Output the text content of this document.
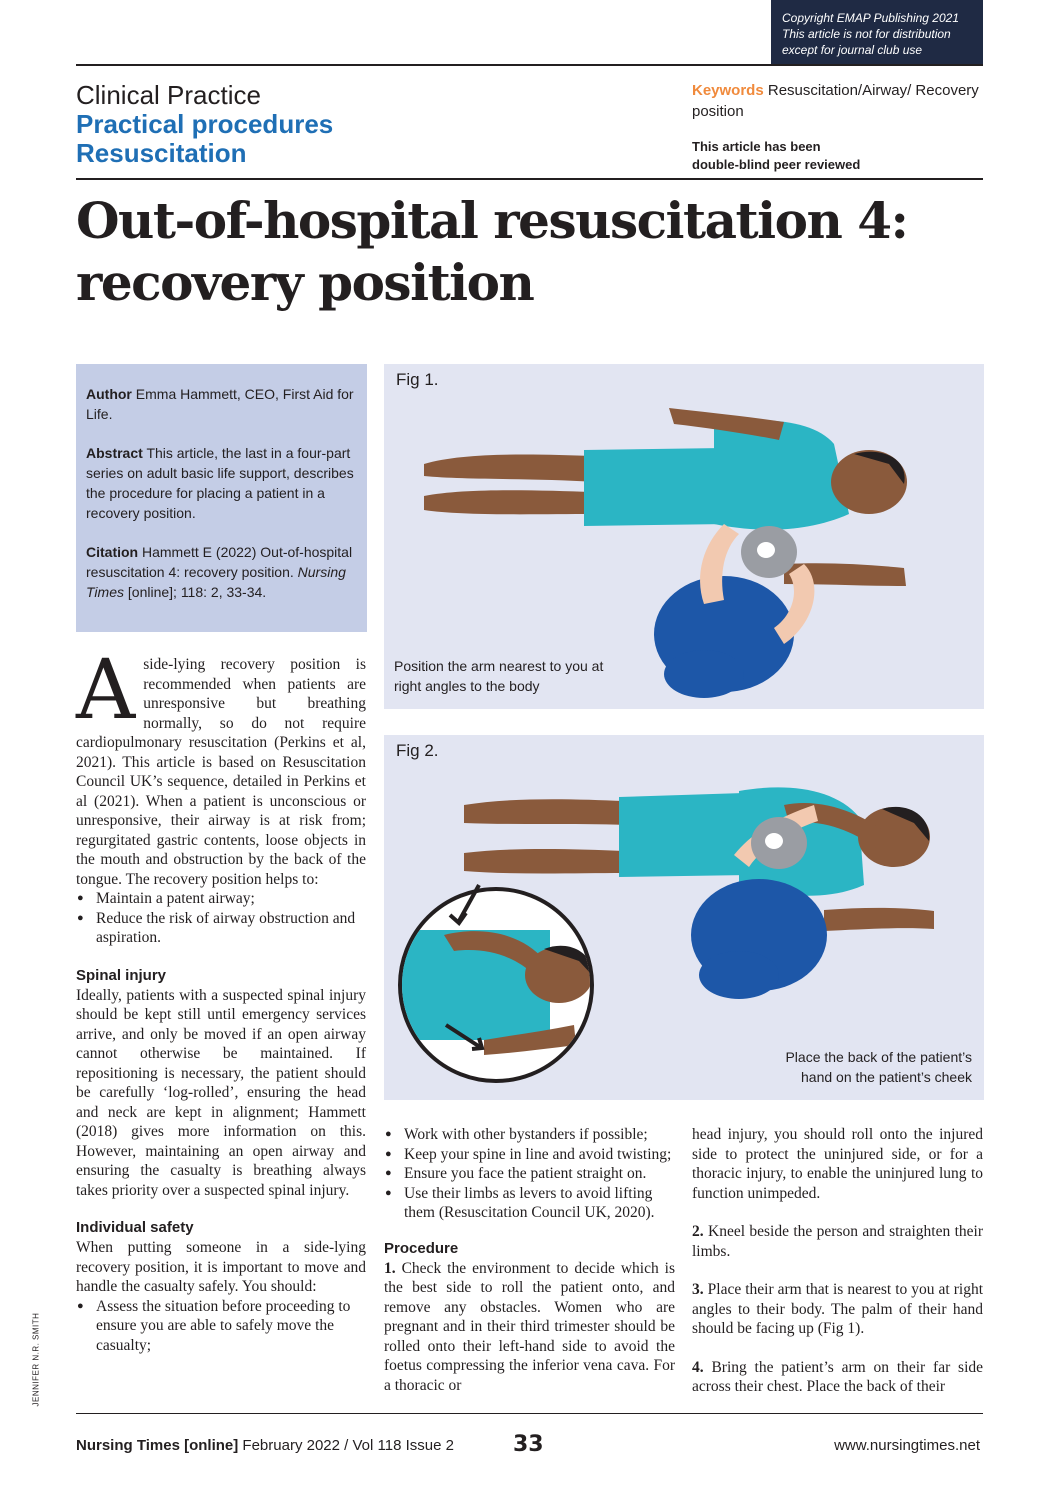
Copyright EMAP Publishing 2021
This article is not for distribution
except for journal club use
Clinical Practice
Practical procedures
Resuscitation
Keywords Resuscitation/Airway/ Recovery position
This article has been
double-blind peer reviewed
Out-of-hospital resuscitation 4:
recovery position

Author Emma Hammett, CEO, First Aid for Life.

Abstract This article, the last in a four-part series on adult basic life support, describes the procedure for placing a patient in a recovery position.

Citation Hammett E (2022) Out-of-hospital resuscitation 4: recovery position. Nursing Times [online]; 118: 2, 33-34.

Fig 1.
Position the arm nearest to you at right angles to the body
Fig 2.
Place the back of the patient’s
hand on the patient’s cheek

Aside-lying recovery position is recommended when patients are unresponsive but breathing normally, so do not require cardiopulmonary resuscitation (Perkins et al, 2021). This article is based on Resuscitation Council UK’s sequence, detailed in Perkins et al (2021). When a patient is unconscious or unresponsive, their airway is at risk from; regurgitated gastric contents, loose objects in the mouth and obstruction by the back of the tongue. The recovery position helps to:

● Maintain a patent airway;
● Reduce the risk of airway obstruction and aspiration.
Spinal injury

Ideally, patients with a suspected spinal injury should be kept still until emergency services arrive, and only be moved if an open airway cannot otherwise be maintained. If repositioning is necessary, the patient should be carefully ‘log-rolled’, ensuring the head and neck are kept in alignment; Hammett (2018) gives more information on this. However, maintaining an open airway and ensuring the casualty is breathing always takes priority over a suspected spinal injury.

Individual safety

When putting someone in a side-lying recovery position, it is important to move and handle the casualty safely. You should:

● Assess the situation before proceeding to ensure you are able to safely move the casualty;
● Work with other bystanders if possible;
● Keep your spine in line and avoid twisting;
● Ensure you face the patient straight on.
● Use their limbs as levers to avoid lifting them (Resuscitation Council UK, 2020).
Procedure

1. Check the environment to decide which is the best side to roll the patient onto, and remove any obstacles. Women who are pregnant and in their third trimester should be rolled onto their left-hand side to avoid the foetus compressing the inferior vena cava. For a thoracic or

head injury, you should roll onto the injured side to protect the uninjured side, or for a thoracic injury, to enable the uninjured lung to function unimpeded.

2. Kneel beside the person and straighten their limbs.

3. Place their arm that is nearest to you at right angles to their body. The palm of their hand should be facing up (Fig 1).

4. Bring the patient’s arm on their far side across their chest. Place the back of their

JENNIFER N.R. SMITH
Nursing Times [online] February 2022 / Vol 118 Issue 2	33	www.nursingtimes.net
